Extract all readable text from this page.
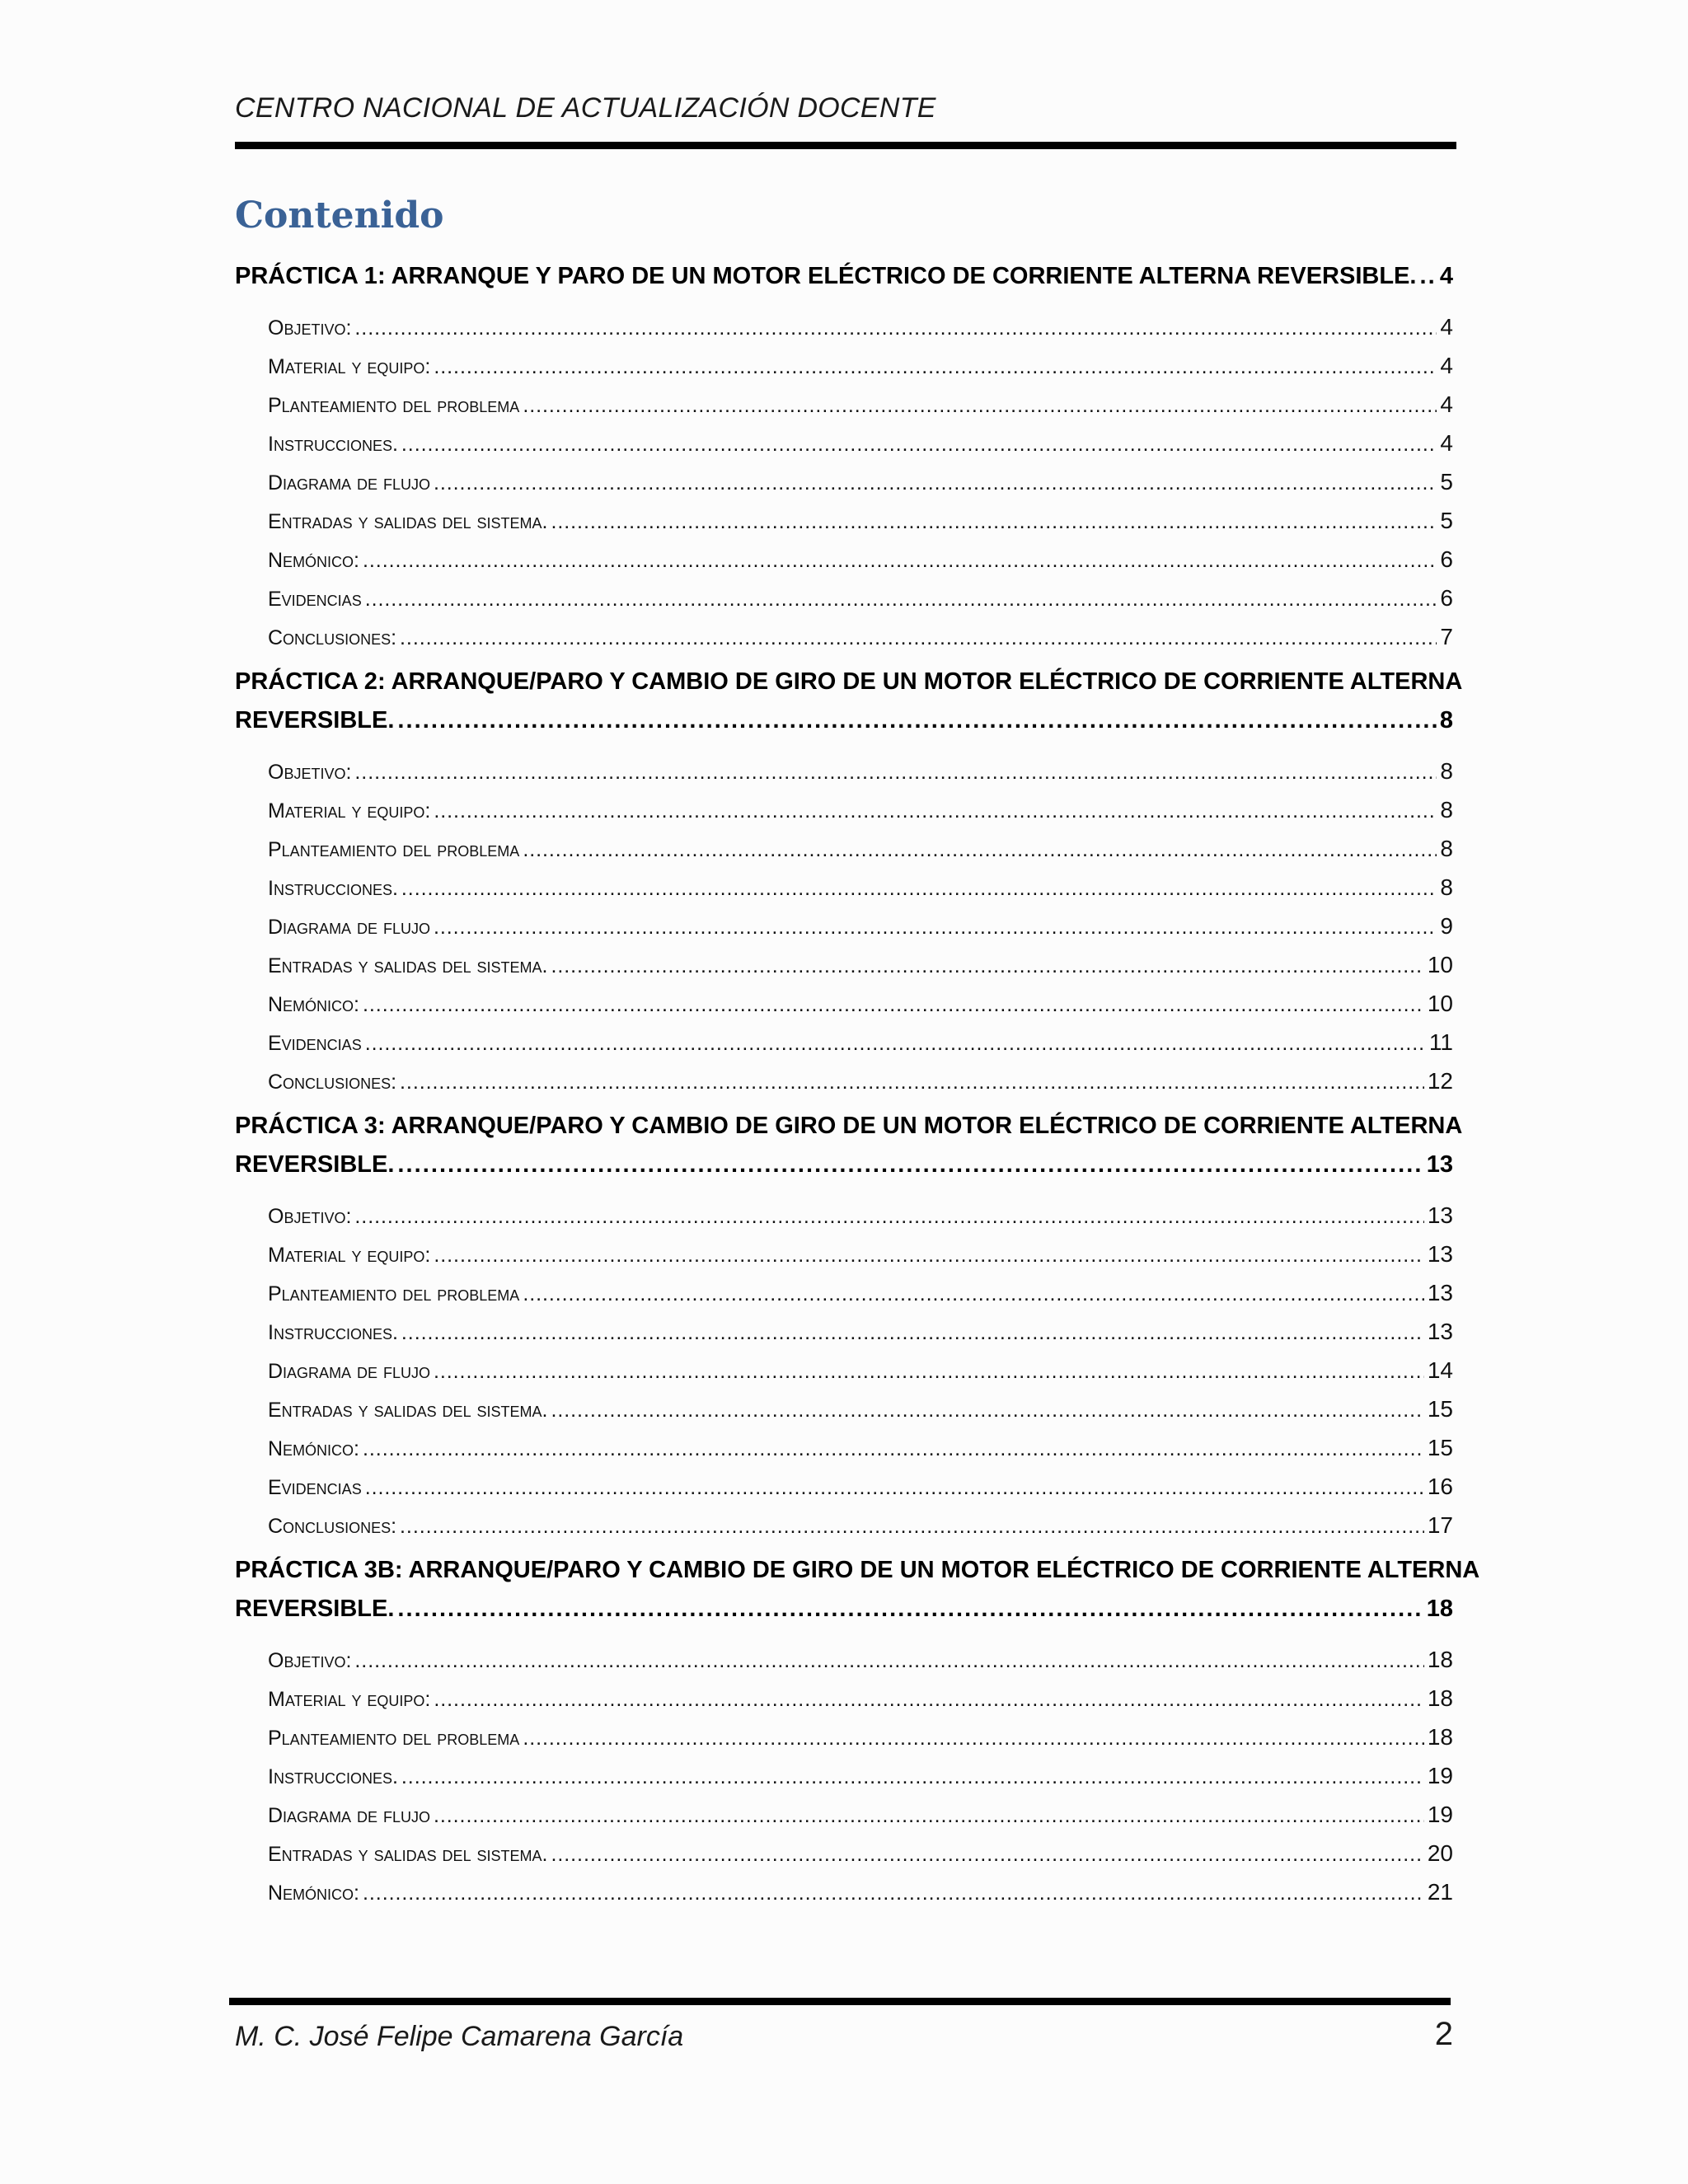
CENTRO NACIONAL DE ACTUALIZACIÓN DOCENTE
Contenido
PRÁCTICA 1: ARRANQUE Y PARO DE UN MOTOR ELÉCTRICO DE CORRIENTE ALTERNA REVERSIBLE. . . . 4
Objetivo: . . .	4
Material y equipo: . . .	4
Planteamiento del problema . . .	4
Instrucciones. . . .	4
Diagrama de flujo . . .	5
Entradas y salidas del sistema. . . .	5
Nemónico: . . .	6
Evidencias . . .	6
Conclusiones: . . .	7
PRÁCTICA 2: ARRANQUE/PARO Y CAMBIO DE GIRO DE UN MOTOR ELÉCTRICO DE CORRIENTE ALTERNA
REVERSIBLE. . . .	8
Objetivo: . . .	8
Material y equipo: . . .	8
Planteamiento del problema . . .	8
Instrucciones. . . .	8
Diagrama de flujo . . .	9
Entradas y salidas del sistema. . . .	10
Nemónico: . . .	10
Evidencias . . .	11
Conclusiones: . . .	12
PRÁCTICA 3: ARRANQUE/PARO Y CAMBIO DE GIRO DE UN MOTOR ELÉCTRICO DE CORRIENTE ALTERNA
REVERSIBLE. . . .	13
Objetivo: . . .	13
Material y equipo: . . .	13
Planteamiento del problema . . .	13
Instrucciones. . . .	13
Diagrama de flujo . . .	14
Entradas y salidas del sistema. . . .	15
Nemónico: . . .	15
Evidencias . . .	16
Conclusiones: . . .	17
PRÁCTICA 3B: ARRANQUE/PARO Y CAMBIO DE GIRO DE UN MOTOR ELÉCTRICO DE CORRIENTE ALTERNA
REVERSIBLE. . . .	18
Objetivo: . . .	18
Material y equipo: . . .	18
Planteamiento del problema . . .	18
Instrucciones. . . .	19
Diagrama de flujo . . .	19
Entradas y salidas del sistema. . . .	20
Nemónico: . . .	21
M. C. José Felipe Camarena García	2
